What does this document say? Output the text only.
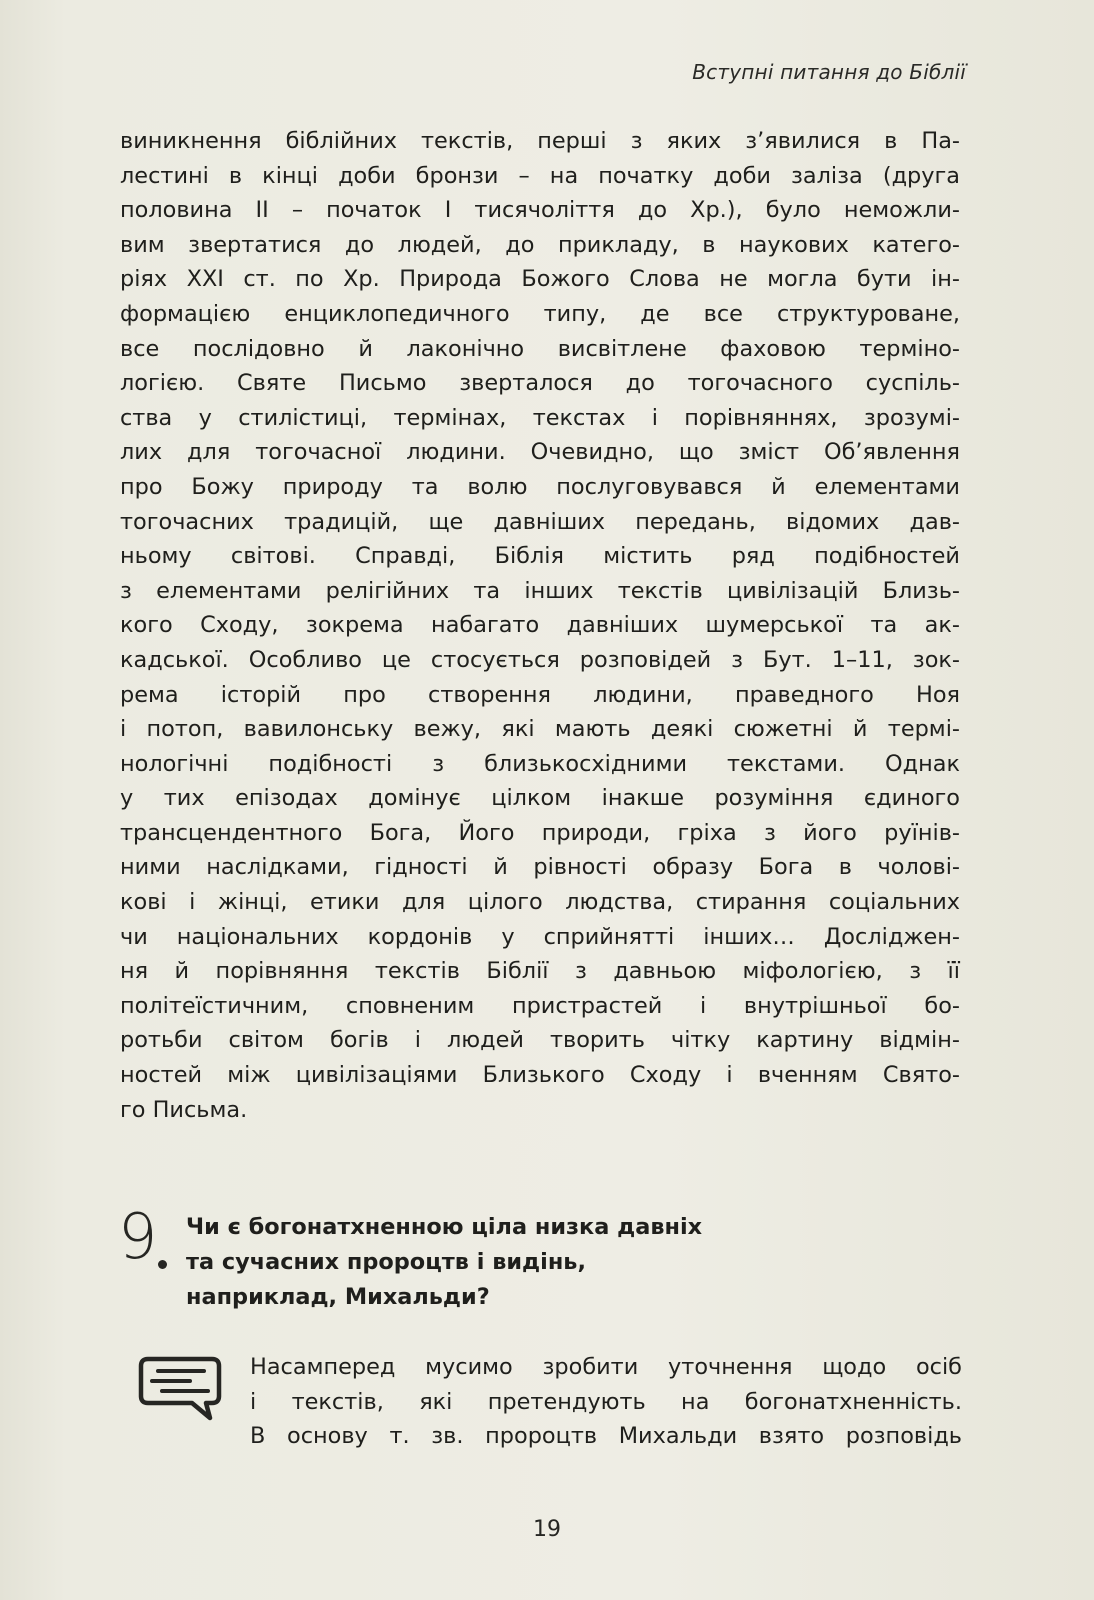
Вступні питання до Біблії
виникнення біблійних текстів, перші з яких з’явилися в Па-
лестині в кінці доби бронзи – на початку доби заліза (друга
половина II – початок I тисячоліття до Хр.), було неможли-
вим звертатися до людей, до прикладу, в наукових катего-
ріях XXI ст. по Хр. Природа Божого Слова не могла бути ін-
формацією енциклопедичного типу, де все структуроване,
все послідовно й лаконічно висвітлене фаховою терміно-
логією. Святе Письмо зверталося до тогочасного суспіль-
ства у стилістиці, термінах, текстах і порівняннях, зрозумі-
лих для тогочасної людини. Очевидно, що зміст Об’явлення
про Божу природу та волю послуговувався й елементами
тогочасних традицій, ще давніших передань, відомих дав-
ньому світові. Справді, Біблія містить ряд подібностей
з елементами релігійних та інших текстів цивілізацій Близь-
кого Сходу, зокрема набагато давніших шумерської та ак-
кадської. Особливо це стосується розповідей з Бут. 1–11, зок-
рема історій про створення людини, праведного Ноя
і потоп, вавилонську вежу, які мають деякі сюжетні й термі-
нологічні подібності з близькосхідними текстами. Однак
у тих епізодах домінує цілком інакше розуміння єдиного
трансцендентного Бога, Його природи, гріха з його руїнів-
ними наслідками, гідності й рівності образу Бога в чолові-
кові і жінці, етики для цілого людства, стирання соціальних
чи національних кордонів у сприйнятті інших… Досліджен-
ня й порівняння текстів Біблії з давньою міфологією, з її
політеїстичним, сповненим пристрастей і внутрішньої бо-
ротьби світом богів і людей творить чітку картину відмін-
ностей між цивілізаціями Близького Сходу і вченням Свято-
го Письма.
9 Чи є богонатхненною ціла низка давніх
та сучасних пророцтв і видінь,
наприклад, Михальди?
Насамперед мусимо зробити уточнення щодо осіб
і текстів, які претендують на богонатхненність.
В основу т. зв. пророцтв Михальди взято розповідь
19
